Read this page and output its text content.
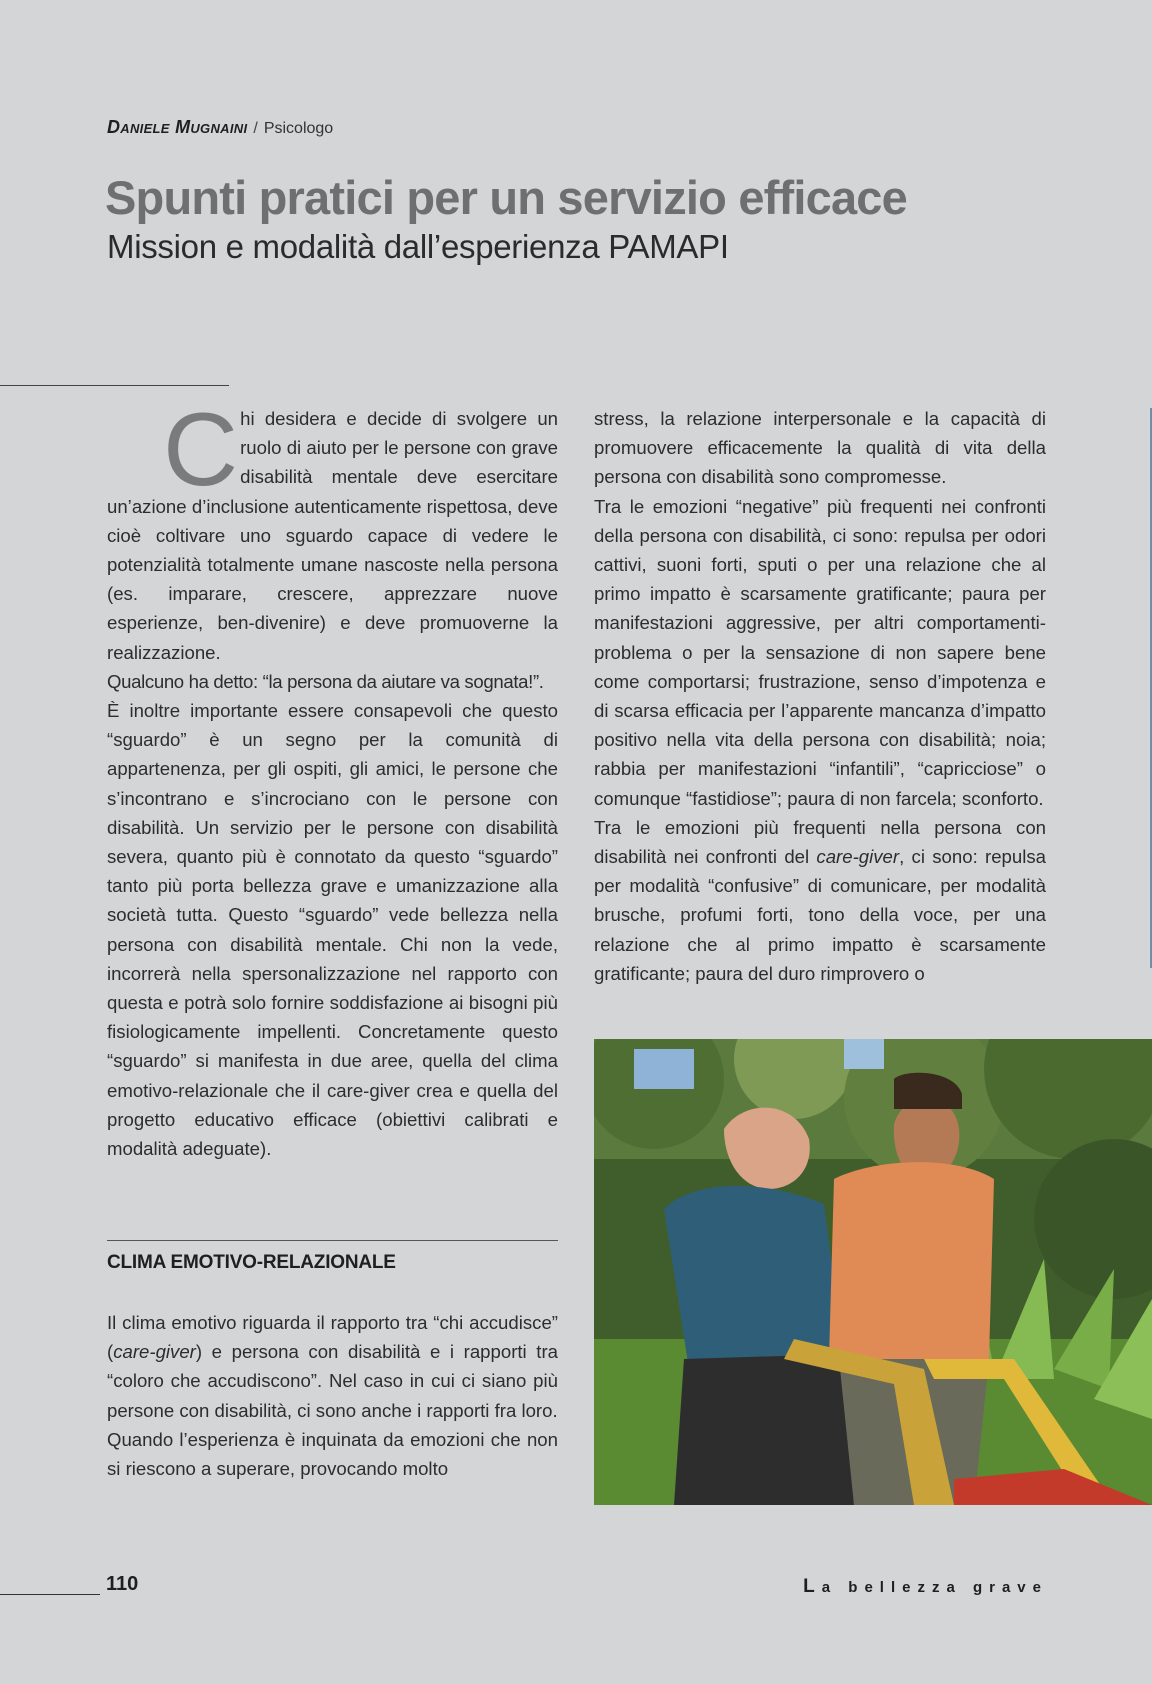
Daniele Mugnaini / Psicologo
Spunti pratici per un servizio efficace
Mission e modalità dall’esperienza PAMAPI

Chi desidera e decide di svolgere un ruolo di aiuto per le persone con grave disabilità mentale deve esercitare un’azione d’inclusione autenticamente rispettosa, deve cioè coltivare uno sguardo capace di vedere le potenzialità totalmente umane nascoste nella persona (es. imparare, crescere, apprezzare nuove esperienze, ben-divenire) e deve promuoverne la realizzazione.

Qualcuno ha detto: “la persona da aiutare va sognata!”.

È inoltre importante essere consapevoli che questo “sguardo” è un segno per la comunità di appartenenza, per gli ospiti, gli amici, le persone che s’incontrano e s’incrociano con le persone con disabilità. Un servizio per le persone con disabilità severa, quanto più è connotato da questo “sguardo” tanto più porta bellezza grave e umanizzazione alla società tutta. Questo “sguardo” vede bellezza nella persona con disabilità mentale. Chi non la vede, incorrerà nella spersonalizzazione nel rapporto con questa e potrà solo fornire soddisfazione ai bisogni più fisiologicamente impellenti. Concretamente questo “sguardo” si manifesta in due aree, quella del clima emotivo-relazionale che il care-giver crea e quella del progetto educativo efficace (obiettivi calibrati e modalità adeguate).

CLIMA EMOTIVO-RELAZIONALE

Il clima emotivo riguarda il rapporto tra “chi accudisce” (care-giver) e persona con disabilità e i rapporti tra “coloro che accudiscono”. Nel caso in cui ci siano più persone con disabilità, ci sono anche i rapporti fra loro.

Quando l’esperienza è inquinata da emozioni che non si riescono a superare, provocando molto

stress, la relazione interpersonale e la capacità di promuovere efficacemente la qualità di vita della persona con disabilità sono compromesse.

Tra le emozioni “negative” più frequenti nei confronti della persona con disabilità, ci sono: repulsa per odori cattivi, suoni forti, sputi o per una relazione che al primo impatto è scarsamente gratificante; paura per manifestazioni aggressive, per altri comportamenti-problema o per la sensazione di non sapere bene come comportarsi; frustrazione, senso d’impotenza e di scarsa efficacia per l’apparente mancanza d’impatto positivo nella vita della persona con disabilità; noia; rabbia per manifestazioni “infantili”, “capricciose” o comunque “fastidiose”; paura di non farcela; sconforto.

Tra le emozioni più frequenti nella persona con disabilità nei confronti del care-giver, ci sono: repulsa per modalità “confusive” di comunicare, per modalità brusche, profumi forti, tono della voce, per una relazione che al primo impatto è scarsamente gratificante; paura del duro rimprovero o

110	La bellezza grave
